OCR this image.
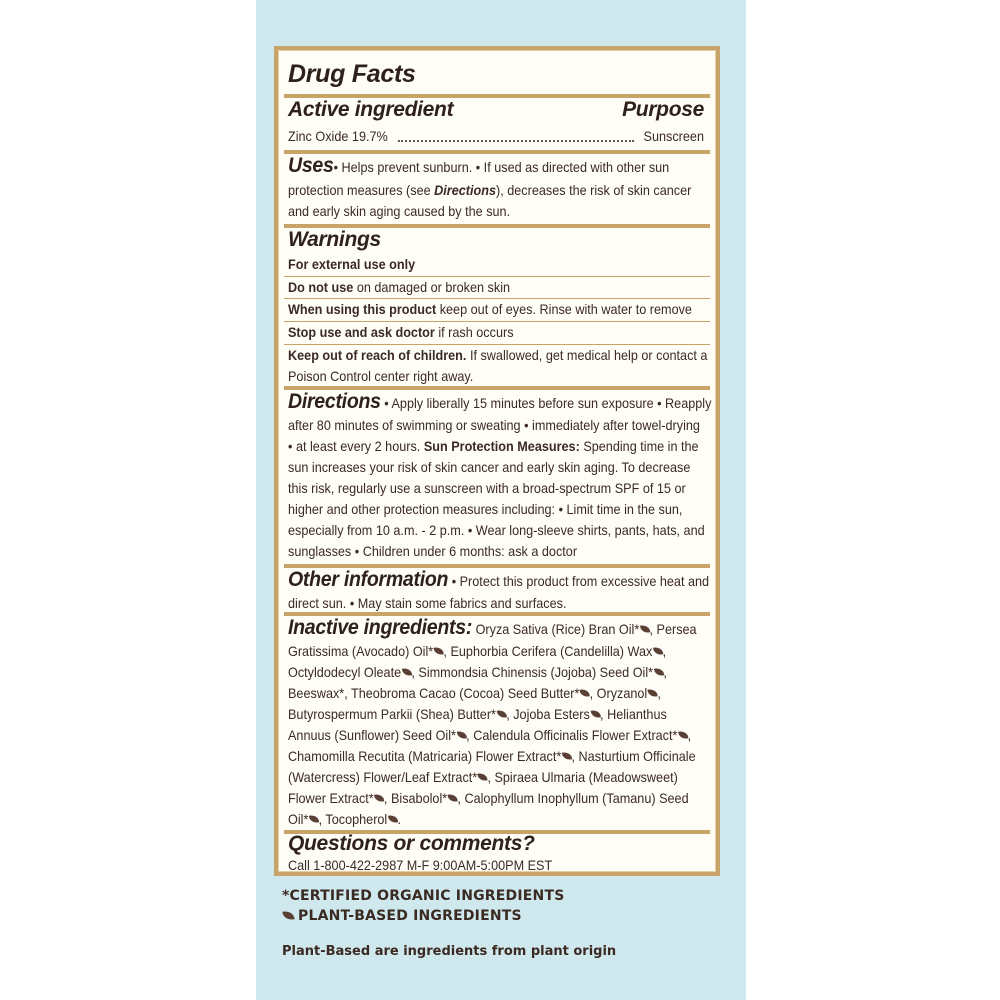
Drug Facts
Active ingredient	Purpose
Zinc Oxide 19.7%	Sunscreen
Uses• Helps prevent sunburn. • If used as directed with other sun
protection measures (see Directions), decreases the risk of skin cancer
and early skin aging caused by the sun.
Warnings
For external use only
Do not use on damaged or broken skin
When using this product keep out of eyes. Rinse with water to remove
Stop use and ask doctor if rash occurs
Keep out of reach of children. If swallowed, get medical help or contact a
Poison Control center right away.
Directions • Apply liberally 15 minutes before sun exposure • Reapply
after 80 minutes of swimming or sweating • immediately after towel-drying
• at least every 2 hours. Sun Protection Measures: Spending time in the
sun increases your risk of skin cancer and early skin aging. To decrease
this risk, regularly use a sunscreen with a broad-spectrum SPF of 15 or
higher and other protection measures including: • Limit time in the sun,
especially from 10 a.m. - 2 p.m. • Wear long-sleeve shirts, pants, hats, and
sunglasses • Children under 6 months: ask a doctor
Other information • Protect this product from excessive heat and
direct sun. • May stain some fabrics and surfaces.
Inactive ingredients: Oryza Sativa (Rice) Bran Oil* , Persea
Gratissima (Avocado) Oil* , Euphorbia Cerifera (Candelilla) Wax ,
Octyldodecyl Oleate , Simmondsia Chinensis (Jojoba) Seed Oil* ,
Beeswax*, Theobroma Cacao (Cocoa) Seed Butter* , Oryzanol ,
Butyrospermum Parkii (Shea) Butter* , Jojoba Esters , Helianthus
Annuus (Sunflower) Seed Oil* , Calendula Officinalis Flower Extract* ,
Chamomilla Recutita (Matricaria) Flower Extract* , Nasturtium Officinale
(Watercress) Flower/Leaf Extract* , Spiraea Ulmaria (Meadowsweet)
Flower Extract* , Bisabolol* , Calophyllum Inophyllum (Tamanu) Seed
Oil* , Tocopherol .
Questions or comments?
Call 1-800-422-2987 M-F 9:00AM-5:00PM EST
*CERTIFIED ORGANIC INGREDIENTS
PLANT-BASED INGREDIENTS
Plant-Based are ingredients from plant origin
